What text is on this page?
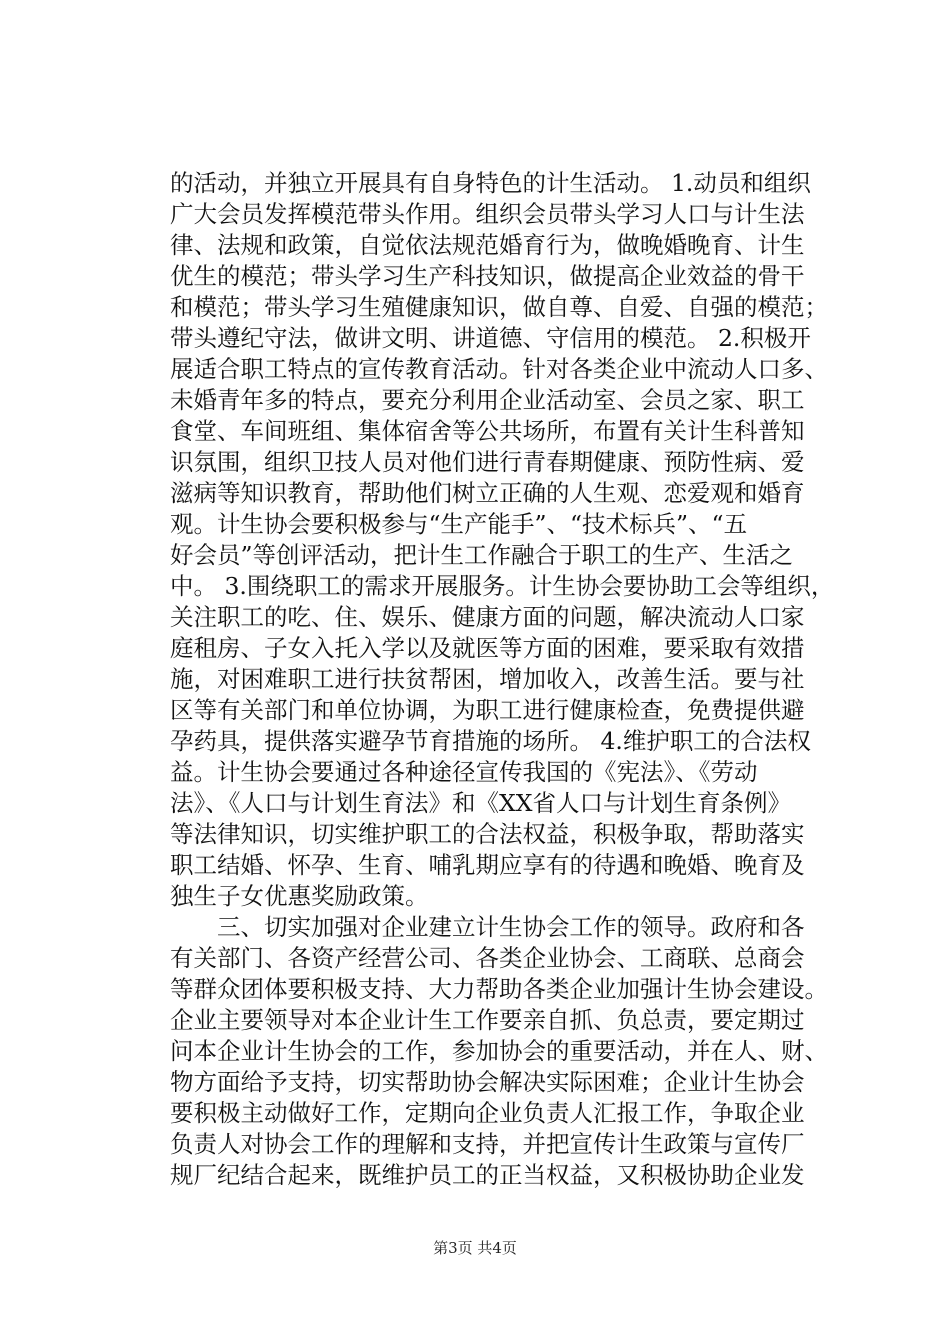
的活动，并独立开展具有自身特色的计生活动。 1.动员和组织
广大会员发挥模范带头作用。组织会员带头学习人口与计生法
律、法规和政策，自觉依法规范婚育行为，做晚婚晚育、计生
优生的模范；带头学习生产科技知识，做提高企业效益的骨干
和模范；带头学习生殖健康知识，做自尊、自爱、自强的模范；
带头遵纪守法，做讲文明、讲道德、守信用的模范。 2.积极开
展适合职工特点的宣传教育活动。针对各类企业中流动人口多、
未婚青年多的特点，要充分利用企业活动室、会员之家、职工
食堂、车间班组、集体宿舍等公共场所，布置有关计生科普知
识氛围，组织卫技人员对他们进行青春期健康、预防性病、爱
滋病等知识教育，帮助他们树立正确的人生观、恋爱观和婚育
观。计生协会要积极参与“生产能手”、“技术标兵”、“五
好会员”等创评活动，把计生工作融合于职工的生产、生活之
中。 3.围绕职工的需求开展服务。计生协会要协助工会等组织，
关注职工的吃、住、娱乐、健康方面的问题，解决流动人口家
庭租房、子女入托入学以及就医等方面的困难，要采取有效措
施，对困难职工进行扶贫帮困，增加收入，改善生活。要与社
区等有关部门和单位协调，为职工进行健康检查，免费提供避
孕药具，提供落实避孕节育措施的场所。 4.维护职工的合法权
益。计生协会要通过各种途径宣传我国的《宪法》、《劳动
法》、《人口与计划生育法》和《XX省人口与计划生育条例》
等法律知识，切实维护职工的合法权益，积极争取，帮助落实
职工结婚、怀孕、生育、哺乳期应享有的待遇和晚婚、晚育及
独生子女优惠奖励政策。
三、切实加强对企业建立计生协会工作的领导。政府和各
有关部门、各资产经营公司、各类企业协会、工商联、总商会
等群众团体要积极支持、大力帮助各类企业加强计生协会建设。
企业主要领导对本企业计生工作要亲自抓、负总责，要定期过
问本企业计生协会的工作，参加协会的重要活动，并在人、财、
物方面给予支持，切实帮助协会解决实际困难；企业计生协会
要积极主动做好工作，定期向企业负责人汇报工作，争取企业
负责人对协会工作的理解和支持，并把宣传计生政策与宣传厂
规厂纪结合起来，既维护员工的正当权益，又积极协助企业发
第3页 共4页
